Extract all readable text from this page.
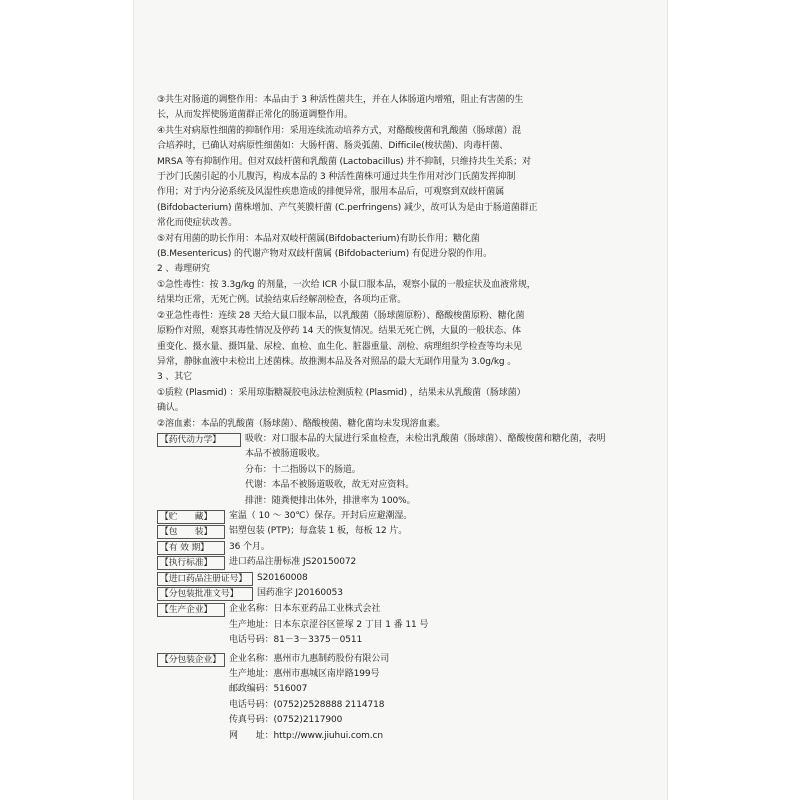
③共生对肠道的调整作用：本品由于 3 种活性菌共生，并在人体肠道内增殖，阻止有害菌的生
长，从而发挥使肠道菌群正常化的肠道调整作用。
④共生对病原性细菌的抑制作用：采用连续流动培养方式，对酪酸梭菌和乳酸菌（肠球菌）混
合培养时，已确认对病原性细菌如：大肠杆菌、肠炎弧菌、Difficile(梭状菌)、肉毒杆菌、
MRSA 等有抑制作用。但对双歧杆菌和乳酸菌 (Lactobacillus) 并不抑制，只维持共生关系；对
于沙门氏菌引起的小儿腹泻，构成本品的 3 种活性菌株可通过共生作用对沙门氏菌发挥抑制
作用；对于内分泌系统及风湿性疾患造成的排便异常，服用本品后，可观察到双歧杆菌属
(Bifdobacterium) 菌株增加、产气荚膜杆菌 (C.perfringens) 减少，故可认为是由于肠道菌群正
常化而使症状改善。
⑤对有用菌的助长作用：本品对双岐杆菌属(Bifdobacterium)有助长作用；糖化菌
(B.Mesentericus) 的代谢产物对双歧杆菌属 (Bifdobacterium) 有促进分裂的作用。
2 、毒理研究
①急性毒性：按 3.3g/kg 的剂量，一次给 ICR 小鼠口服本品，观察小鼠的一般症状及血液常规，
结果均正常，无死亡例。试验结束后经解剖检查，各项均正常。
②亚急性毒性：连续 28 天给大鼠口服本品，以乳酸菌（肠球菌原粉）、酪酸梭菌原粉、糖化菌
原粉作对照，观察其毒性情况及停药 14 天的恢复情况。结果无死亡例，大鼠的一般状态、体
重变化、摄水量、摄饵量、尿检、血检、血生化、脏器重量、剖检、病理组织学检查等均未见
异常，静脉血液中未检出上述菌株。故推测本品及各对照品的最大无副作用量为 3.0g/kg 。
3 、其它
①质粒 (Plasmid) ：采用琼脂糖凝胶电泳法检测质粒 (Plasmid) ，结果未从乳酸菌（肠球菌）
确认。
②溶血素：本品的乳酸菌（肠球菌）、酪酸梭菌、糖化菌均未发现溶血素。
【药代动力学】	吸收：对口服本品的大鼠进行采血检查，未检出乳酸菌（肠球菌）、酪酸梭菌和糖化菌，表明
本品不被肠道吸收。
分布：十二指肠以下的肠道。
代谢：本品不被肠道吸收，故无对应资料。
排泄：随粪便排出体外，排泄率为 100%。
【贮　　藏】	室温（ 10 ～ 30℃）保存。开封后应避潮湿。
【包　　装】	铝塑包装 (PTP)；每盒装 1 板，每板 12 片。
【有 效 期】	36 个月。
【执行标准】	进口药品注册标准 JS20150072
【进口药品注册证号】	S20160008
【分包装批准文号】	国药准字 J20160053
【生产企业】	企业名称：日本东亚药品工业株式会社
生产地址：日本东京涩谷区笹塚 2 丁目 1 番 11 号
电话号码：81－3－3375－0511
【分包装企业】 企业名称：惠州市九惠制药股份有限公司
生产地址：惠州市惠城区南岸路199号
邮政编码：516007
电话号码：(0752)2528888 2114718
传真号码：(0752)2117900
网　　址：http://www.jiuhui.com.cn
